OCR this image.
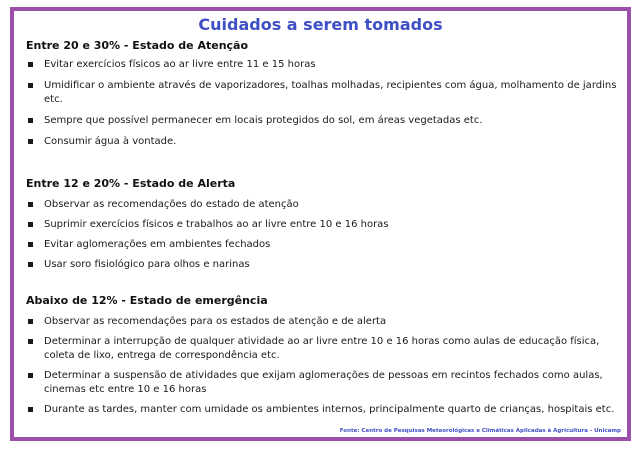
Cuidados a serem tomados
Entre 20 e 30% - Estado de Atenção
Evitar exercícios físicos ao ar livre entre 11 e 15 horas
Umidificar o ambiente através de vaporizadores, toalhas molhadas, recipientes com água, molhamento de jardins etc.
Sempre que possível permanecer em locais protegidos do sol, em áreas vegetadas etc.
Consumir água à vontade.
Entre 12 e 20% - Estado de Alerta
Observar as recomendações do estado de atenção
Suprimir exercícios físicos e trabalhos ao ar livre entre 10 e 16 horas
Evitar aglomerações em ambientes fechados
Usar soro fisiológico para olhos e narinas
Abaixo de 12% - Estado de emergência
Observar as recomendações para os estados de atenção e de alerta
Determinar a interrupção de qualquer atividade ao ar livre entre 10 e 16 horas como aulas de educação física, coleta de lixo, entrega de correspondência etc.
Determinar a suspensão de atividades que exijam aglomerações de pessoas em recintos fechados como aulas, cinemas etc entre 10 e 16 horas
Durante as tardes, manter com umidade os ambientes internos, principalmente quarto de crianças, hospitais etc.
Fonte: Centro de Pesquisas Meteorológicas e Climáticas Aplicadas à Agricultura - Unicamp
